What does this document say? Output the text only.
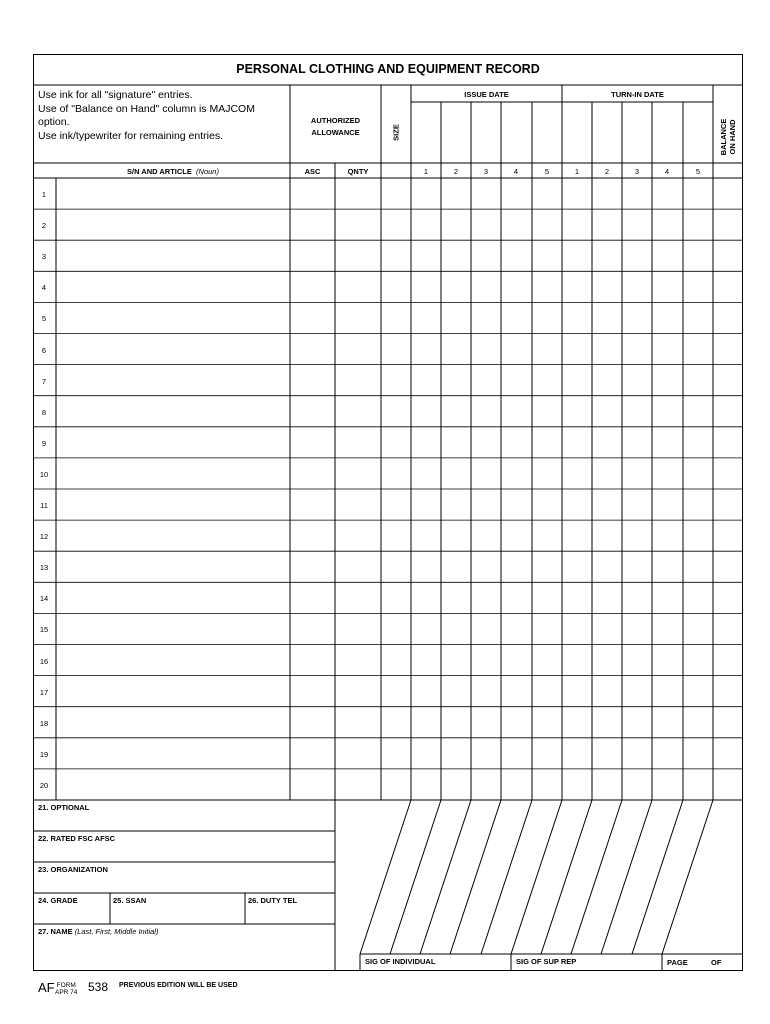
PERSONAL CLOTHING AND EQUIPMENT RECORD
Use ink for all "signature" entries.
Use of "Balance on Hand" column is MAJCOM option.
Use ink/typewriter for remaining entries.
AUTHORIZED
ALLOWANCE	SIZE
ISSUE DATE	TURN-IN DATE
BALANCE ON HAND
S/N AND ARTICLE (Noun)	ASC	QNTY	1	2	3	4	5	1	2	3	4	5
1
2
3
4
5
6
7
8
9
10
11
12
13
14
15
16
17
18
19
20
21. OPTIONAL
22. RATED FSC AFSC
23. ORGANIZATION
24. GRADE	25. SSAN	26. DUTY TEL
27. NAME (Last, First, Middle Initial)
SIG OF INDIVIDUAL	SIG OF SUP REP	PAGE	OF
AF FORM
APR 74 538 PREVIOUS EDITION WILL BE USED
